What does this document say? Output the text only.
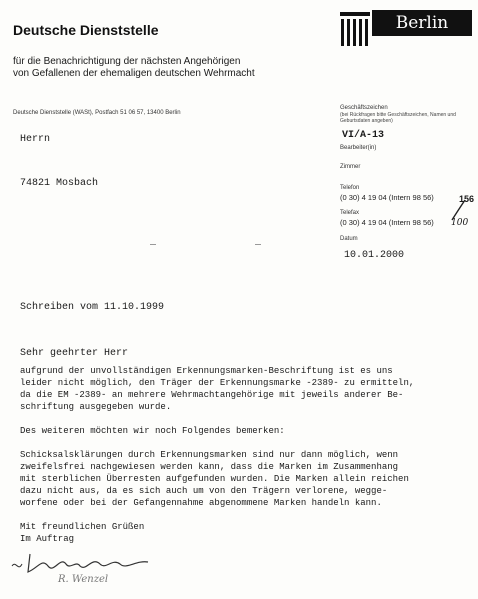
Deutsche Dienststelle
für die Benachrichtigung der nächsten Angehörigen
von Gefallenen der ehemaligen deutschen Wehrmacht
Berlin
Deutsche Dienststelle (WASt), Postfach 51 06 57, 13400 Berlin
Herrn
74821 Mosbach
Geschäftszeichen
(bei Rückfragen bitte Geschäftszeichen, Namen und Geburtsdaten angeben)
VI/A-13
Bearbeiter(in)
Zimmer
Telefon
(0 30) 4 19 04 (Intern 98 56)	156
Telefax
(0 30) 4 19 04 (Intern 98 56) 100
Datum
10.01.2000
Schreiben vom 11.10.1999
Sehr geehrter Herr
aufgrund der unvollständigen Erkennungsmarken-Beschriftung ist es uns
leider nicht möglich, den Träger der Erkennungsmarke -2389- zu ermitteln,
da die EM -2389- an mehrere Wehrmachtangehörige mit jeweils anderer Be-
schriftung ausgegeben wurde.
Des weiteren möchten wir noch Folgendes bemerken:
Schicksalsklärungen durch Erkennungsmarken sind nur dann möglich, wenn
zweifelsfrei nachgewiesen werden kann, dass die Marken im Zusammenhang
mit sterblichen Überresten aufgefunden wurden. Die Marken allein reichen
dazu nicht aus, da es sich auch um von den Trägern verlorene, wegge-
worfene oder bei der Gefangennahme abgenommene Marken handeln kann.
Mit freundlichen Grüßen
Im Auftrag
R. Wenzel
